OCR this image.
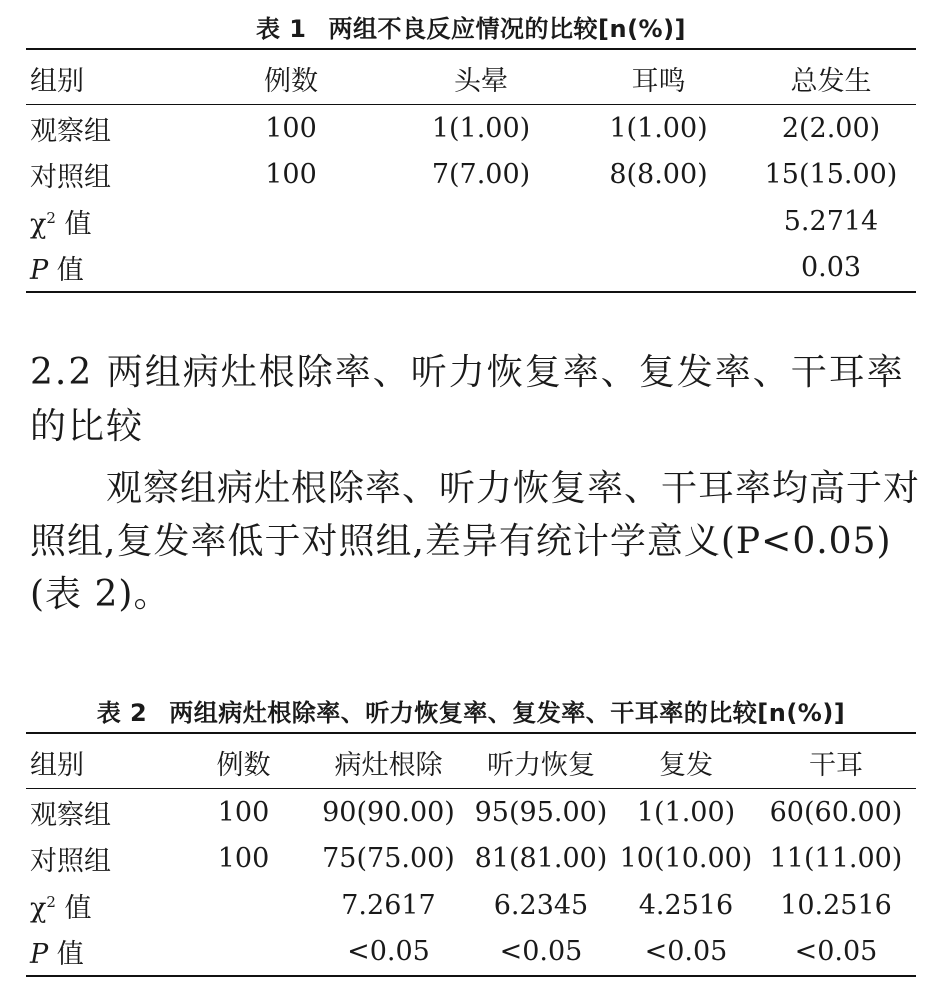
表 1 两组不良反应情况的比较[n(%)]
组别	例数	头晕	耳鸣	总发生
观察组	100	1(1.00)	1(1.00)	2(2.00)
对照组	100	7(7.00)	8(8.00)	15(15.00)
$\chi^2$ 值				5.2714
P 值				0.03
2.2 两组病灶根除率、听力恢复率、复发率、干耳率的比较
观察组病灶根除率、听力恢复率、干耳率均高于对照组,复发率低于对照组,差异有统计学意义(P<0.05)(表 2)。
表 2 两组病灶根除率、听力恢复率、复发率、干耳率的比较[n(%)]
组别	例数	病灶根除	听力恢复	复发	干耳
观察组	100	90(90.00)	95(95.00)	1(1.00)	60(60.00)
对照组	100	75(75.00)	81(81.00)	10(10.00)	11(11.00)
$\chi^2$ 值		7.2617	6.2345	4.2516	10.2516
P 值		<0.05	<0.05	<0.05	<0.05
